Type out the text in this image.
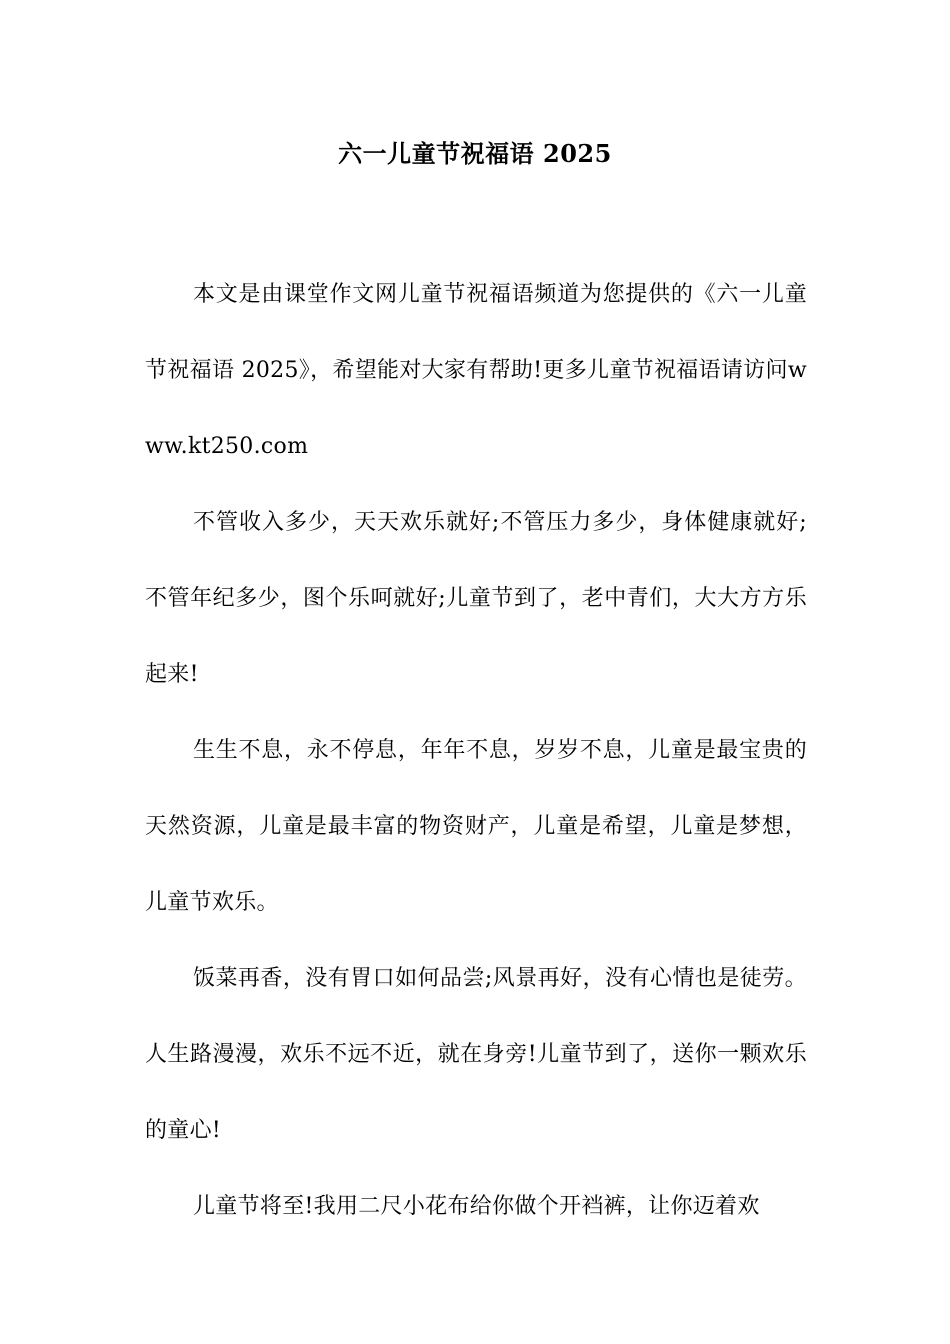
六一儿童节祝福语 2025

本文是由课堂作文网儿童节祝福语频道为您提供的《六一儿童节祝福语 2025》，希望能对大家有帮助!更多儿童节祝福语请访问www.kt250.com

不管收入多少，天天欢乐就好;不管压力多少，身体健康就好;不管年纪多少，图个乐呵就好;儿童节到了，老中青们，大大方方乐起来!

生生不息，永不停息，年年不息，岁岁不息，儿童是最宝贵的天然资源，儿童是最丰富的物资财产，儿童是希望，儿童是梦想，儿童节欢乐。

饭菜再香，没有胃口如何品尝;风景再好，没有心情也是徒劳。人生路漫漫，欢乐不远不近，就在身旁!儿童节到了，送你一颗欢乐的童心!

儿童节将至!我用二尺小花布给你做个开裆裤，让你迈着欢
